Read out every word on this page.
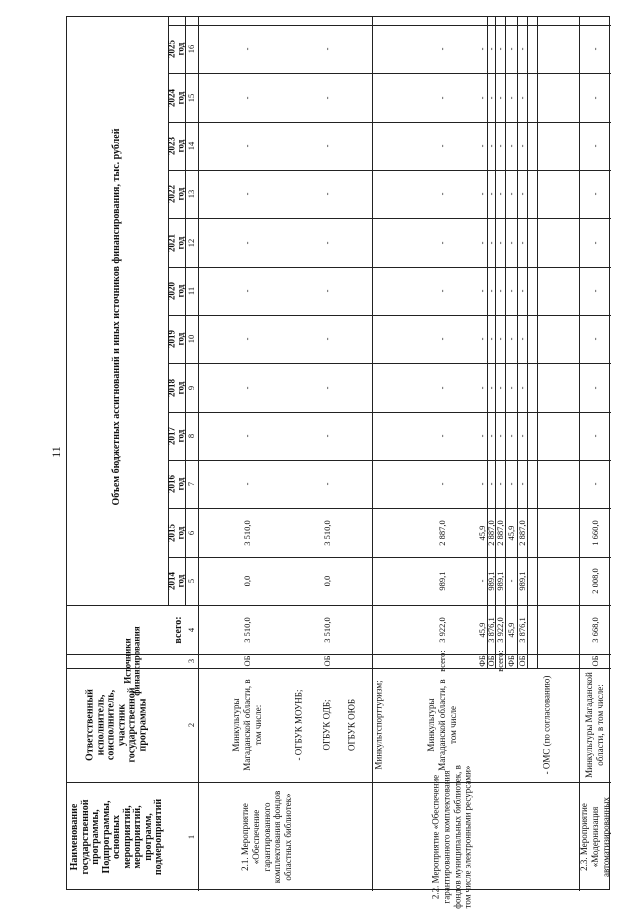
11
Наименование государственной программы, Подпрограммы, основных мероприятий, мероприятий, программ, подмероприятий
Ответственный исполнитель, соисполнитель, участник государственной программы
Источники финансирования
Объем бюджетных ассигнований и иных источников финансирования, тыс. рублей
всего:
2014 год
2015 год
2016 год
2017 год
2018 год
2019 год
2020 год
2021 год
2022 год
2023 год
2024 год
2025 год
1
2
3
4
5
6
7
8
9
10
11
12
13
14
15
16
2.1. Мероприятие «Обеспечение гарантированного комплектования фондов областных библиотек»
Минкультуры Магаданской области, в том числе:
ОБ
3 510,0
0,0
3 510,0
-
-
-
-
-
-
-
-
-
-
- ОГБУК МОУНБ; ОГБУК ОДБ;
ОБ
3 510,0
0,0
3 510,0
-
-
-
-
-
-
-
-
-
-
ОГБУК ОЮБ
2.2. Мероприятие «Обеспечение гарантированного комплектования фондов муниципальных библиотек, в том числе электронными ресурсами»
Минкультспорттуризм;	Минкультуры Магаданской области, в том числе
всего:
3 922,0
989,1
2 887,0
-
-
-
-
-
-
-
-
-
-
ФБ
45,9
-
45,9
-
-
-
-
-
-
-
-
-
-
ОБ
3 876,1
989,1
2 887,0
-
-
-
-
-
-
-
-
-
-
всего:
3 922,0
989,1
2 887,0
-
-
-
-
-
-
-
-
-
-
ФБ
45,9
-
45,9
-
-
-
-
-
-
-
-
-
-
ОБ
3 876,1
989,1
2 887,0
-
-
-
-
-
-
-
-
-
-
- ОМС (по согласованию)
2.3. Мероприятие «Модернизация автоматизированных
Минкультуры Магаданской области, в том числе:
ОБ
3 668,0
2 008,0
1 660,0
-
-
-
-
-
-
-
-
-
-
